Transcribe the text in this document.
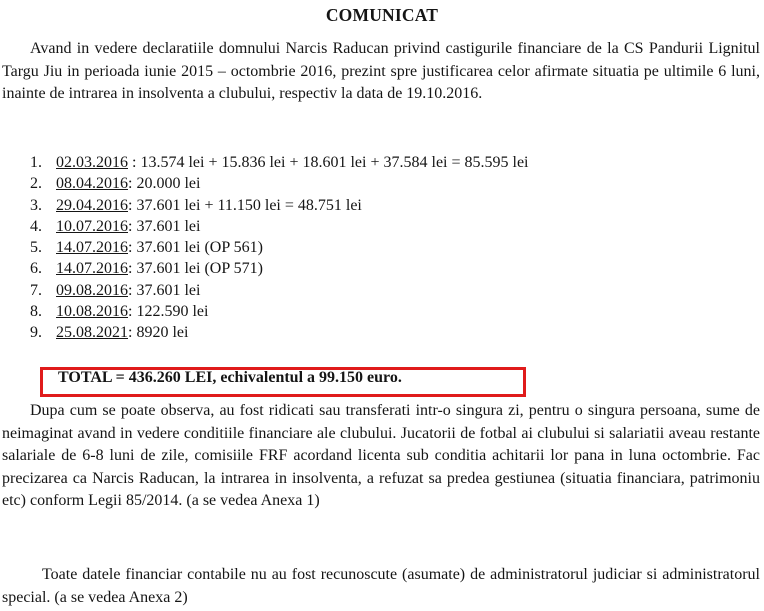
COMUNICAT
Avand in vedere declaratiile domnului Narcis Raducan privind castigurile financiare de la CS Pandurii Lignitul Targu Jiu in perioada iunie 2015 – octombrie 2016, prezint spre justificarea celor afirmate situatia pe ultimile 6 luni, inainte de intrarea in insolventa a clubului, respectiv la data de 19.10.2016.
1. 02.03.2016 : 13.574 lei + 15.836 lei + 18.601 lei + 37.584 lei = 85.595 lei
2. 08.04.2016: 20.000 lei
3. 29.04.2016: 37.601 lei + 11.150 lei = 48.751 lei
4. 10.07.2016: 37.601 lei
5. 14.07.2016: 37.601 lei (OP 561)
6. 14.07.2016: 37.601 lei (OP 571)
7. 09.08.2016: 37.601 lei
8. 10.08.2016: 122.590 lei
9. 25.08.2021: 8920 lei
TOTAL = 436.260 LEI, echivalentul a 99.150 euro.
Dupa cum se poate observa, au fost ridicati sau transferati intr-o singura zi, pentru o singura persoana, sume de neimaginat avand in vedere conditiile financiare ale clubului. Jucatorii de fotbal ai clubului si salariatii aveau restante salariale de 6-8 luni de zile, comisiile FRF acordand licenta sub conditia achitarii lor pana in luna octombrie. Fac precizarea ca Narcis Raducan, la intrarea in insolventa, a refuzat sa predea gestiunea (situatia financiara, patrimoniu etc) conform Legii 85/2014. (a se vedea Anexa 1)
Toate datele financiar contabile nu au fost recunoscute (asumate) de administratorul judiciar si administratorul special. (a se vedea Anexa 2)
